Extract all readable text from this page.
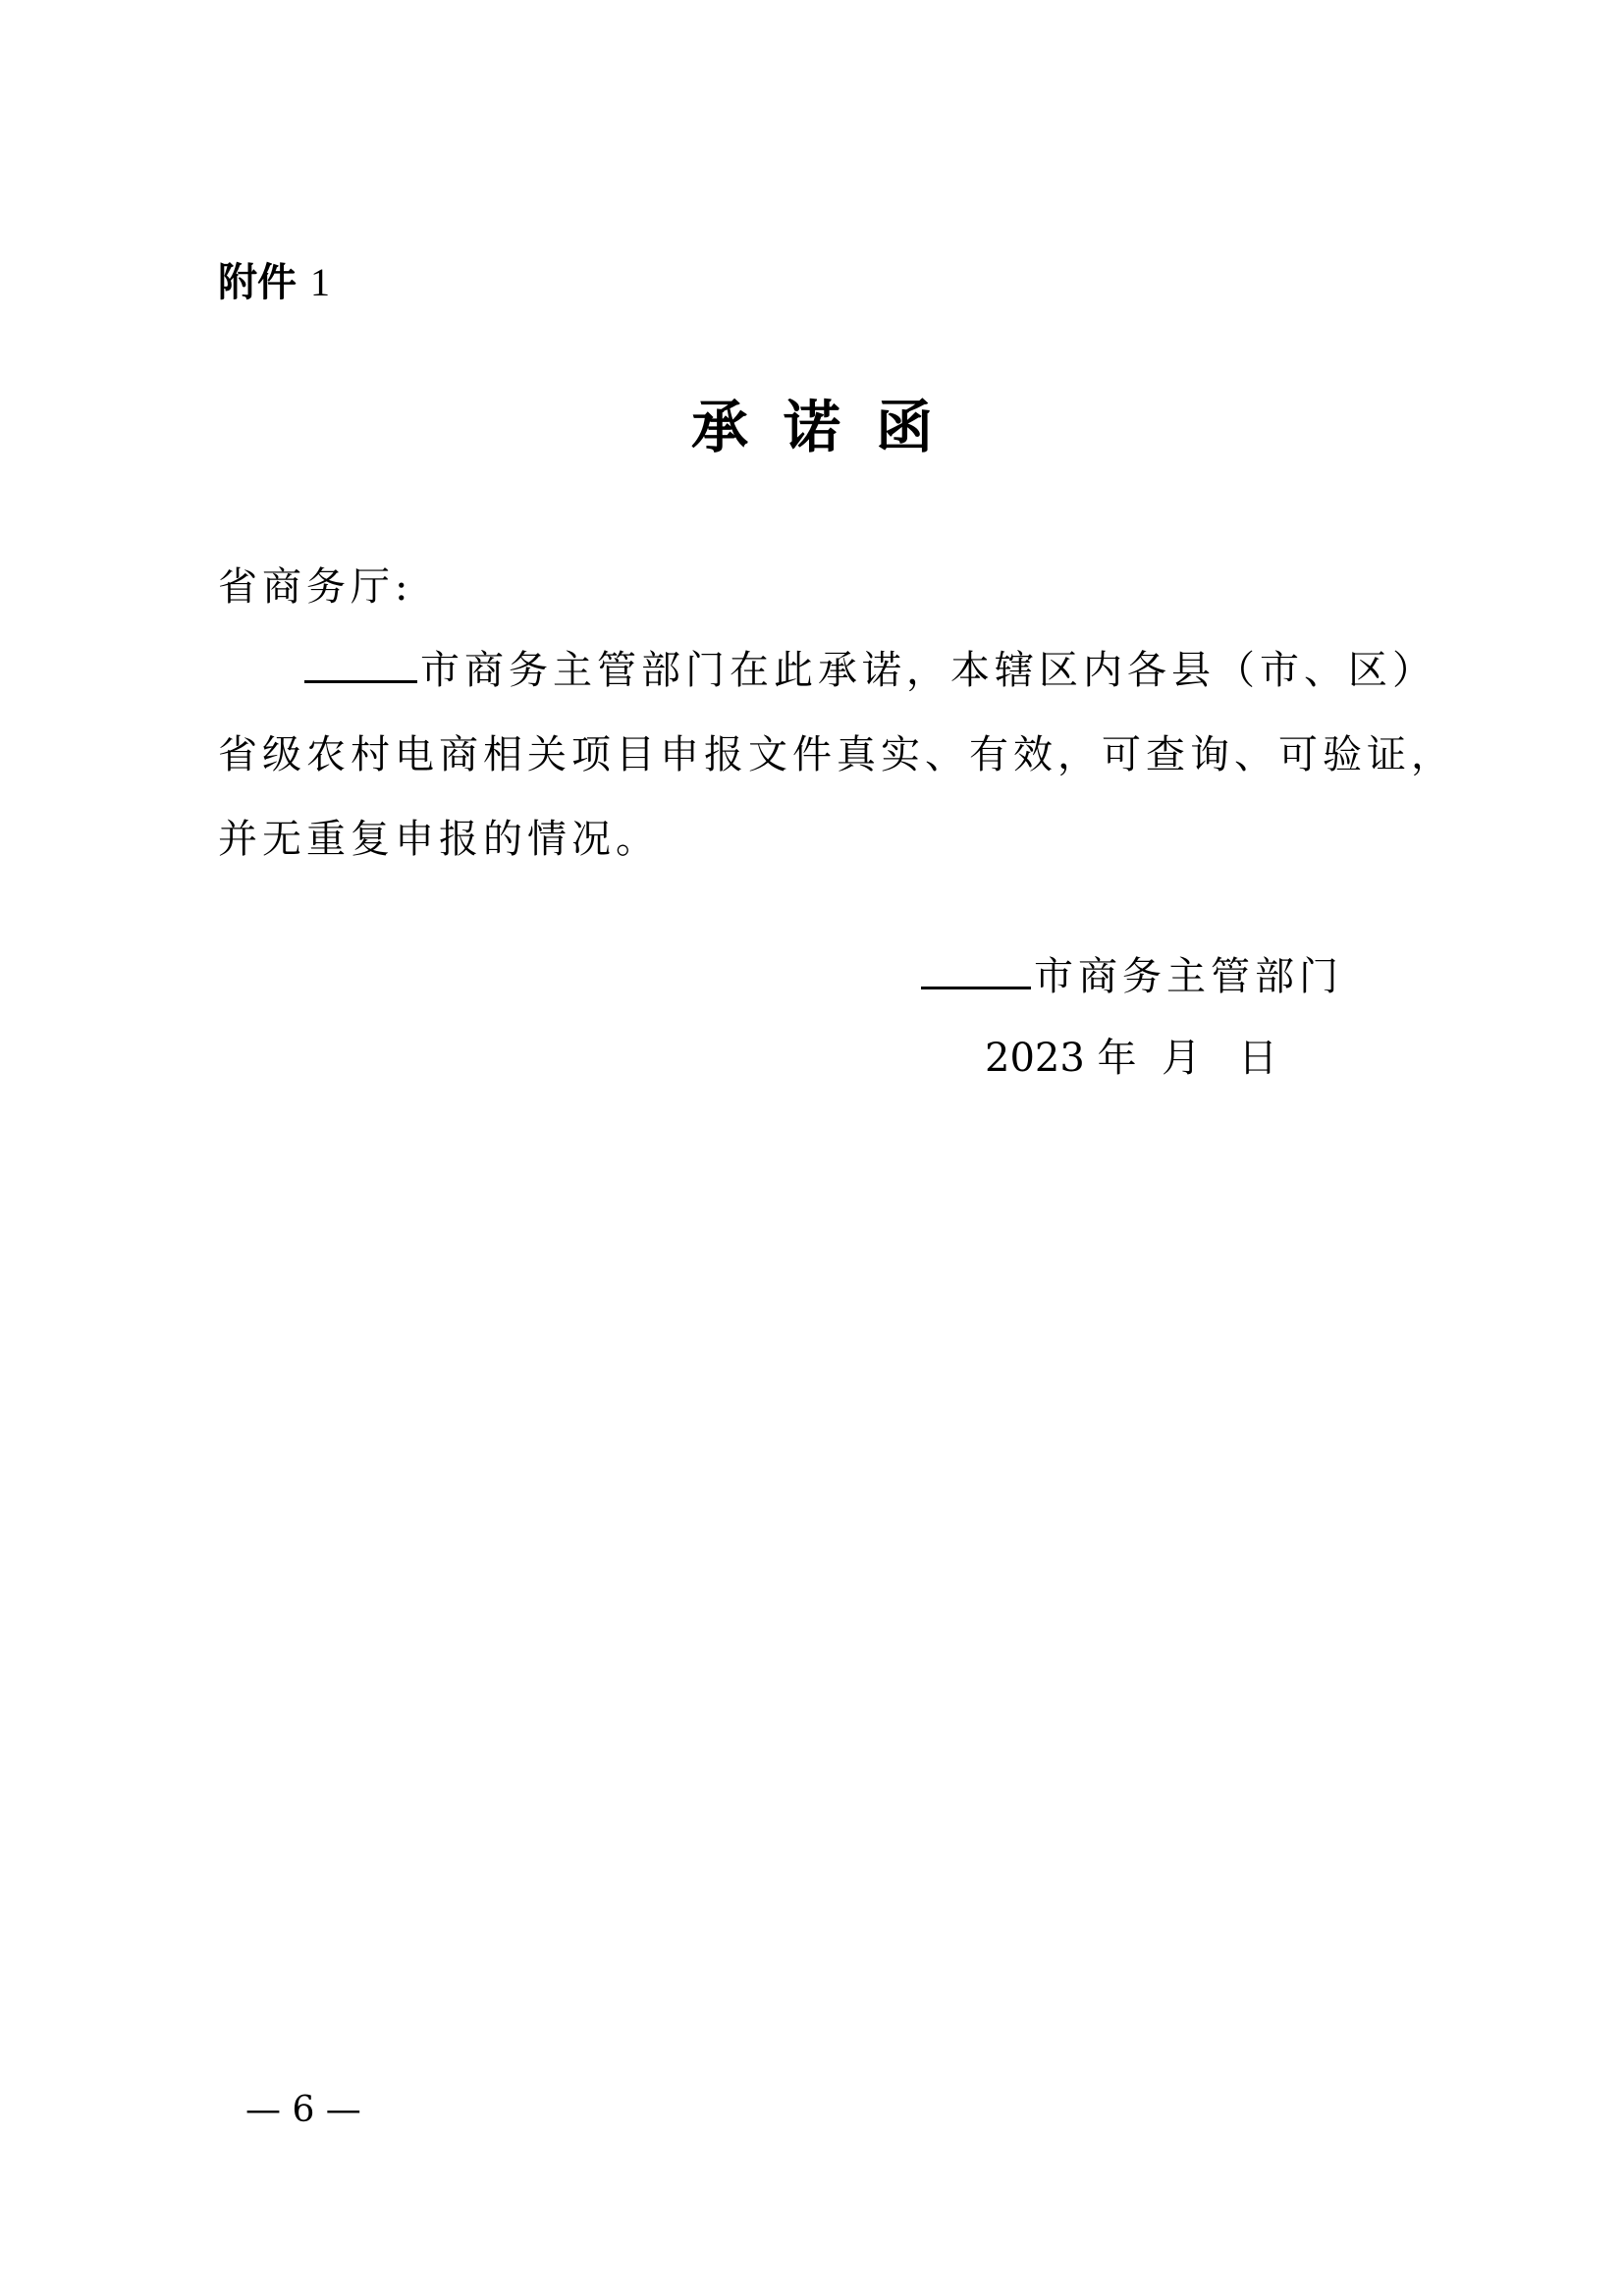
附件 1
承诺函
省商务厅:
市商务主管部门在此承诺，本辖区内各县（市、区）
省级农村电商相关项目申报文件真实、有效，可查询、可验证，
并无重复申报的情况。
市商务主管部门
2023 年  月   日
— 6 —
